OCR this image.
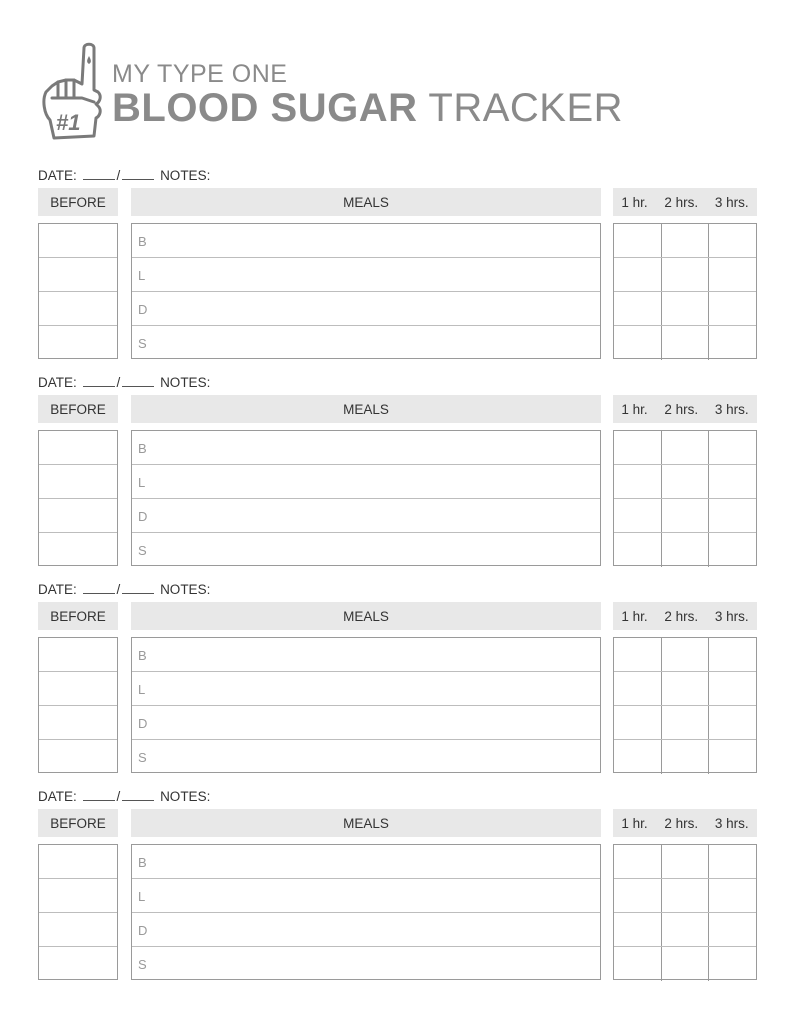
#1
MY TYPE ONE
BLOOD SUGAR TRACKER
DATE:	/	NOTES:
BEFORE	MEALS	1 hr. 2 hrs. 3 hrs.
B
L
D
S
DATE:	/	NOTES:
BEFORE	MEALS	1 hr. 2 hrs. 3 hrs.
B
L
D
S
DATE:	/	NOTES:
BEFORE	MEALS	1 hr. 2 hrs. 3 hrs.
B
L
D
S
DATE:	/	NOTES:
BEFORE	MEALS	1 hr. 2 hrs. 3 hrs.
B
L
D
S
